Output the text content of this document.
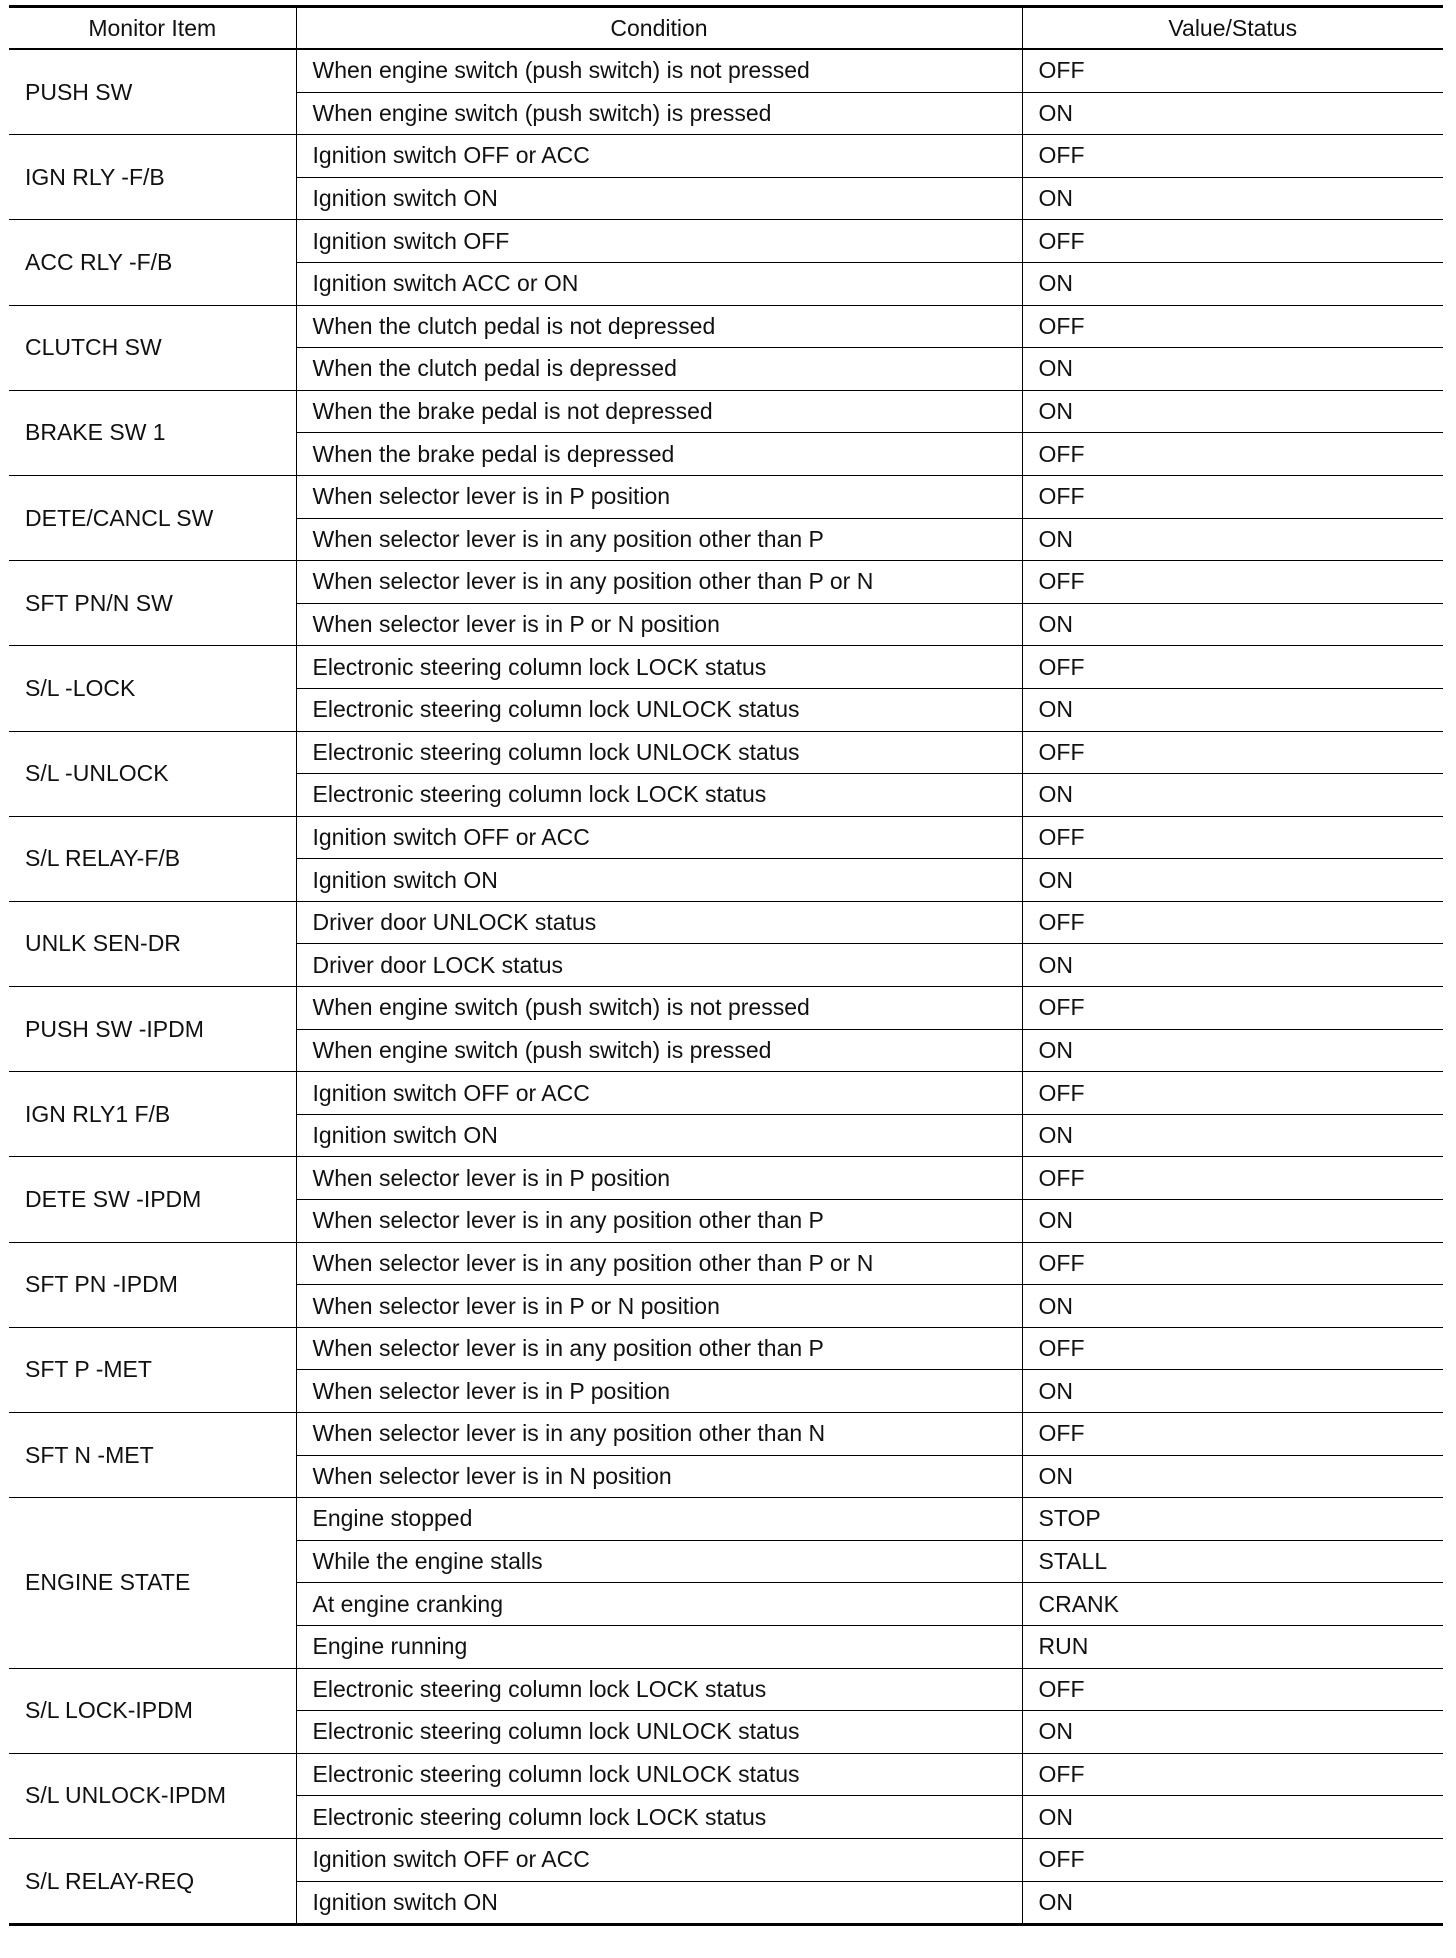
Monitor Item	Condition	Value/Status
PUSH SW	When engine switch (push switch) is not pressed	OFF
	When engine switch (push switch) is pressed	ON
IGN RLY -F/B	Ignition switch OFF or ACC	OFF
	Ignition switch ON	ON
ACC RLY -F/B	Ignition switch OFF	OFF
	Ignition switch ACC or ON	ON
CLUTCH SW	When the clutch pedal is not depressed	OFF
	When the clutch pedal is depressed	ON
BRAKE SW 1	When the brake pedal is not depressed	ON
	When the brake pedal is depressed	OFF
DETE/CANCL SW	When selector lever is in P position	OFF
	When selector lever is in any position other than P	ON
SFT PN/N SW	When selector lever is in any position other than P or N	OFF
	When selector lever is in P or N position	ON
S/L -LOCK	Electronic steering column lock LOCK status	OFF
	Electronic steering column lock UNLOCK status	ON
S/L -UNLOCK	Electronic steering column lock UNLOCK status	OFF
	Electronic steering column lock LOCK status	ON
S/L RELAY-F/B	Ignition switch OFF or ACC	OFF
	Ignition switch ON	ON
UNLK SEN-DR	Driver door UNLOCK status	OFF
	Driver door LOCK status	ON
PUSH SW -IPDM	When engine switch (push switch) is not pressed	OFF
	When engine switch (push switch) is pressed	ON
IGN RLY1 F/B	Ignition switch OFF or ACC	OFF
	Ignition switch ON	ON
DETE SW -IPDM	When selector lever is in P position	OFF
	When selector lever is in any position other than P	ON
SFT PN -IPDM	When selector lever is in any position other than P or N	OFF
	When selector lever is in P or N position	ON
SFT P -MET	When selector lever is in any position other than P	OFF
	When selector lever is in P position	ON
SFT N -MET	When selector lever is in any position other than N	OFF
	When selector lever is in N position	ON
ENGINE STATE	Engine stopped	STOP
	While the engine stalls	STALL
	At engine cranking	CRANK
	Engine running	RUN
S/L LOCK-IPDM	Electronic steering column lock LOCK status	OFF
	Electronic steering column lock UNLOCK status	ON
S/L UNLOCK-IPDM	Electronic steering column lock UNLOCK status	OFF
	Electronic steering column lock LOCK status	ON
S/L RELAY-REQ	Ignition switch OFF or ACC	OFF
	Ignition switch ON	ON
